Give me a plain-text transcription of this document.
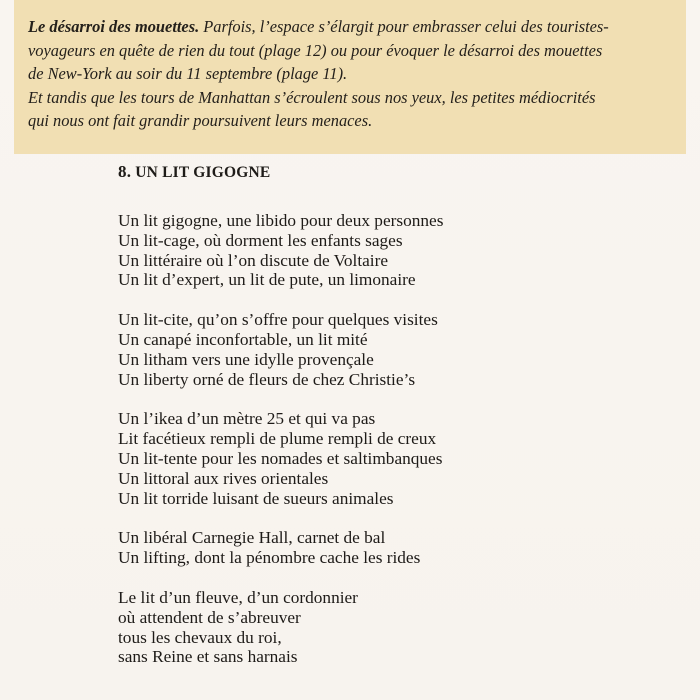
Le désarroi des mouettes. Parfois, l’espace s’élargit pour embrasser celui des touristes-

voyageurs en quête de rien du tout (plage 12) ou pour évoquer le désarroi des mouettes

de New-York au soir du 11 septembre (plage 11).

Et tandis que les tours de Manhattan s’écroulent sous nos yeux, les petites médiocrités

qui nous ont fait grandir poursuivent leurs menaces.

8. UN LIT GIGOGNE
Un lit gigogne, une libido pour deux personnes
Un lit-cage, où dorment les enfants sages
Un littéraire où l’on discute de Voltaire
Un lit d’expert, un lit de pute, un limonaire
Un lit-cite, qu’on s’offre pour quelques visites
Un canapé inconfortable, un lit mité
Un litham vers une idylle provençale
Un liberty orné de fleurs de chez Christie’s
Un l’ikea d’un mètre 25 et qui va pas
Lit facétieux rempli de plume rempli de creux
Un lit-tente pour les nomades et saltimbanques
Un littoral aux rives orientales
Un lit torride luisant de sueurs animales
Un libéral Carnegie Hall, carnet de bal
Un lifting, dont la pénombre cache les rides
Le lit d’un fleuve, d’un cordonnier
où attendent de s’abreuver
tous les chevaux du roi,
sans Reine et sans harnais
